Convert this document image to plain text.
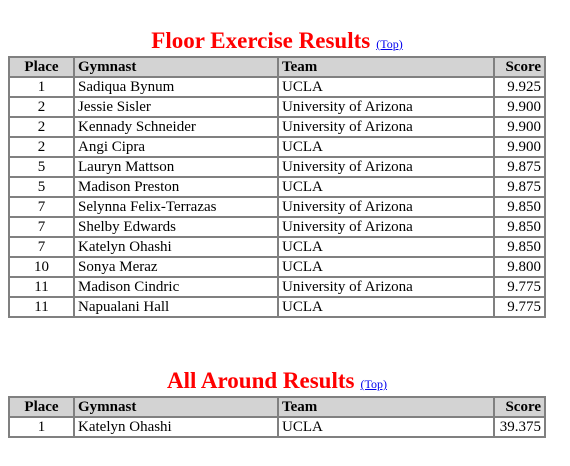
Floor Exercise Results (Top)
Place	Gymnast	Team	Score
1	Sadiqua Bynum	UCLA	9.925
2	Jessie Sisler	University of Arizona	9.900
2	Kennady Schneider	University of Arizona	9.900
2	Angi Cipra	UCLA	9.900
5	Lauryn Mattson	University of Arizona	9.875
5	Madison Preston	UCLA	9.875
7	Selynna Felix-Terrazas	University of Arizona	9.850
7	Shelby Edwards	University of Arizona	9.850
7	Katelyn Ohashi	UCLA	9.850
10	Sonya Meraz	UCLA	9.800
11	Madison Cindric	University of Arizona	9.775
11	Napualani Hall	UCLA	9.775
All Around Results (Top)
Place	Gymnast	Team	Score
1	Katelyn Ohashi	UCLA	39.375
